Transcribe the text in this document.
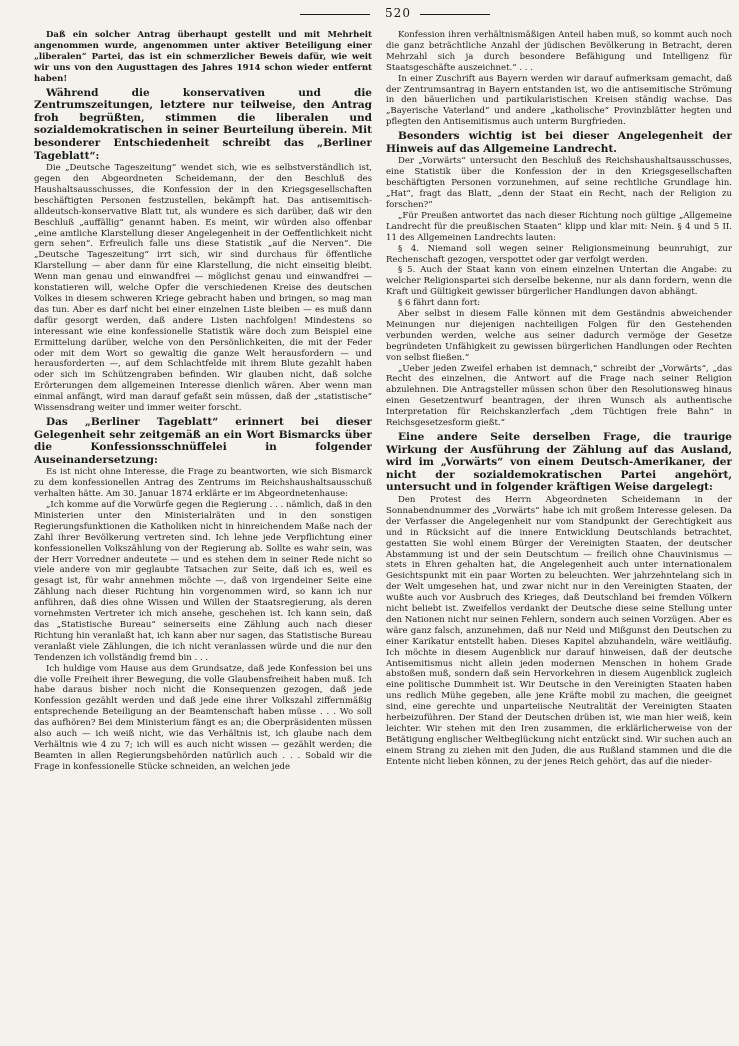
520

Daß ein solcher Antrag überhaupt gestellt und mit Mehrheit angenommen wurde, angenommen unter aktiver Beteiligung einer „liberalen“ Partei, das ist ein schmerzlicher Beweis dafür, wie weit wir uns von den Augusttagen des Jahres 1914 schon wieder entfernt haben!

Während die konservativen und die Zentrumszeitungen, letztere nur teilweise, den Antrag froh begrüßten, stimmen die liberalen und sozialdemokratischen in seiner Beurteilung überein. Mit besonderer Entschiedenheit schreibt das „Berliner Tageblatt“:

Die „Deutsche Tageszeitung“ wendet sich, wie es selbstverständlich ist, gegen den Abgeordneten Scheidemann, der den Beschluß des Haushaltsausschusses, die Konfession der in den Kriegsgesellschaften beschäftigten Personen festzustellen, bekämpft hat. Das antisemitisch-alldeutsch-konservative Blatt tut, als wundere es sich darüber, daß wir den Beschluß „auffällig“ genannt haben. Es meint, wir würden also offenbar „eine amtliche Klarstellung dieser Angelegenheit in der Oeffentlichkeit nicht gern sehen“. Erfreulich falle uns diese Statistik „auf die Nerven“. Die „Deutsche Tageszeitung“ irrt sich, wir sind durchaus für öffentliche Klarstellung — aber dann für eine Klarstellung, die nicht einseitig bleibt. Wenn man genau und einwandfrei — möglichst genau und einwandfrei — konstatieren will, welche Opfer die verschiedenen Kreise des deutschen Volkes in diesem schweren Kriege gebracht haben und bringen, so mag man das tun. Aber es darf nicht bei einer einzelnen Liste bleiben — es muß dann dafür gesorgt werden, daß andere Listen nachfolgen! Mindestens so interessant wie eine konfessionelle Statistik wäre doch zum Beispiel eine Ermittelung darüber, welche von den Persönlichkeiten, die mit der Feder oder mit dem Wort so gewaltig die ganze Welt herausfordern — und herausforderten —, auf dem Schlachtfelde mit ihrem Blute gezahlt haben oder sich im Schützengraben befinden. Wir glauben nicht, daß solche Erörterungen dem allgemeinen Interesse dienlich wären. Aber wenn man einmal anfängt, wird man darauf gefaßt sein müssen, daß der „statistische“ Wissensdrang weiter und immer weiter forscht.

Das „Berliner Tageblatt“ erinnert bei dieser Gelegenheit sehr zeitgemäß an ein Wort Bismarcks über die Konfessionsschnüffelei in folgender Auseinandersetzung:

Es ist nicht ohne Interesse, die Frage zu beantworten, wie sich Bismarck zu dem konfessionellen Antrag des Zentrums im Reichshaushaltsausschuß verhalten hätte. Am 30. Januar 1874 erklärte er im Abgeordnetenhause:

„Ich komme auf die Vorwürfe gegen die Regierung . . . nämlich, daß in den Ministerien unter den Ministerialräten und in den sonstigen Regierungsfunktionen die Katholiken nicht in hinreichendem Maße nach der Zahl ihrer Bevölkerung vertreten sind. Ich lehne jede Verpflichtung einer konfessionellen Volkszählung von der Regierung ab. Sollte es wahr sein, was der Herr Vorredner andeutete — und es stehen dem in seiner Rede nicht so viele andere von mir geglaubte Tatsachen zur Seite, daß ich es, weil es gesagt ist, für wahr annehmen möchte —, daß von irgendeiner Seite eine Zählung nach dieser Richtung hin vorgenommen wird, so kann ich nur anführen, daß dies ohne Wissen und Willen der Staatsregierung, als deren vornehmsten Vertreter ich mich ansehe, geschehen ist. Ich kann sein, daß das „Statistische Bureau“ seinerseits eine Zählung auch nach dieser Richtung hin veranlaßt hat, ich kann aber nur sagen, das Statistische Bureau veranlaßt viele Zählungen, die ich nicht veranlassen würde und die nur den Tendenzen ich vollständig fremd bin . . .

Ich huldige vom Hause aus dem Grundsatze, daß jede Konfession bei uns die volle Freiheit ihrer Bewegung, die volle Glaubensfreiheit haben muß. Ich habe daraus bisher noch nicht die Konsequenzen gezogen, daß jede Konfession gezählt werden und daß jede eine ihrer Volkszahl ziffernmäßig entsprechende Beteiligung an der Beamtenschaft haben müsse . . . Wo soll das aufhören? Bei dem Ministerium fängt es an; die Oberpräsidenten müssen also auch — ich weiß nicht, wie das Verhältnis ist, ich glaube nach dem Verhältnis wie 4 zu 7; ich will es auch nicht wissen — gezählt werden; die Beamten in allen Regierungsbehörden natürlich auch . . . Sobald wir die Frage in konfessionelle Stücke schneiden, an welchen jede

Konfession ihren verhältnismäßigen Anteil haben muß, so kommt auch noch die ganz beträchtliche Anzahl der jüdischen Bevölkerung in Betracht, deren Mehrzahl sich ja durch besondere Befähigung und Intelligenz für Staatsgeschäfte auszeichnet.“ . . .

In einer Zuschrift aus Bayern werden wir darauf aufmerksam gemacht, daß der Zentrumsantrag in Bayern entstanden ist, wo die antisemitische Strömung in den bäuerlichen und partikularistischen Kreisen ständig wachse. Das „Bayerische Vaterland“ und andere „katholische“ Provinzblätter hegten und pflegten den Antisemitismus auch unterm Burgfrieden.

Besonders wichtig ist bei dieser Angelegenheit der Hinweis auf das Allgemeine Landrecht.

Der „Vorwärts“ untersucht den Beschluß des Reichshaushaltsausschusses, eine Statistik über die Konfession der in den Kriegsgesellschaften beschäftigten Personen vorzunehmen, auf seine rechtliche Grundlage hin. „Hat“, fragt das Blatt, „denn der Staat ein Recht, nach der Religion zu forschen?“

„Für Preußen antwortet das nach dieser Richtung noch gültige „Allgemeine Landrecht für die preußischen Staaten“ klipp und klar mit: Nein. § 4 und 5 II. 11 des Allgemeinen Landrechts lauten:

§ 4. Niemand soll wegen seiner Religionsmeinung beunruhigt, zur Rechenschaft gezogen, verspottet oder gar verfolgt werden.

§ 5. Auch der Staat kann von einem einzelnen Untertan die Angabe: zu welcher Religionspartei sich derselbe bekenne, nur als dann fordern, wenn die Kraft und Gültigkeit gewisser bürgerlicher Handlungen davon abhängt.

§ 6 fährt dann fort:

Aber selbst in diesem Falle können mit dem Geständnis abweichender Meinungen nur diejenigen nachteiligen Folgen für den Gestehenden verbunden werden, welche aus seiner dadurch vermöge der Gesetze begründeten Unfähigkeit zu gewissen bürgerlichen Handlungen oder Rechten von selbst fließen.“

„Ueber jeden Zweifel erhaben ist demnach,“ schreibt der „Vorwärts“, „das Recht des einzelnen, die Antwort auf die Frage nach seiner Religion abzulehnen. Die Antragsteller müssen schon über den Resolutionsweg hinaus einen Gesetzentwurf beantragen, der ihren Wunsch als authentische Interpretation für Reichskanzlerfach „dem Tüchtigen freie Bahn“ in Reichsgesetzesform gießt.“

Eine andere Seite derselben Frage, die traurige Wirkung der Ausführung der Zählung auf das Ausland, wird im „Vorwärts“ von einem Deutsch-Amerikaner, der nicht der sozialdemokratischen Partei angehört, untersucht und in folgender kräftigen Weise dargelegt:

Den Protest des Herrn Abgeordneten Scheidemann in der Sonnabendnummer des „Vorwärts“ habe ich mit großem Interesse gelesen. Da der Verfasser die Angelegenheit nur vom Standpunkt der Gerechtigkeit aus und in Rücksicht auf die innere Entwicklung Deutschlands betrachtet, gestatten Sie wohl einem Bürger der Vereinigten Staaten, der deutscher Abstammung ist und der sein Deutschtum — freilich ohne Chauvinismus — stets in Ehren gehalten hat, die Angelegenheit auch unter internationalem Gesichtspunkt mit ein paar Worten zu beleuchten. Wer jahrzehntelang sich in der Welt umgesehen hat, und zwar nicht nur in den Vereinigten Staaten, der wußte auch vor Ausbruch des Krieges, daß Deutschland bei fremden Völkern nicht beliebt ist. Zweifellos verdankt der Deutsche diese seine Stellung unter den Nationen nicht nur seinen Fehlern, sondern auch seinen Vorzügen. Aber es wäre ganz falsch, anzunehmen, daß nur Neid und Mißgunst den Deutschen zu einer Karikatur entstellt haben. Dieses Kapitel abzuhandeln, wäre weitläufig. Ich möchte in diesem Augenblick nur darauf hinweisen, daß der deutsche Antisemitismus nicht allein jeden modernen Menschen in hohem Grade abstoßen muß, sondern daß sein Hervorkehren in diesem Augenblick zugleich eine politische Dummheit ist. Wir Deutsche in den Vereinigten Staaten haben uns redlich Mühe gegeben, alle jene Kräfte mobil zu machen, die geeignet sind, eine gerechte und unparteiische Neutralität der Vereinigten Staaten herbeizuführen. Der Stand der Deutschen drüben ist, wie man hier weiß, kein leichter. Wir stehen mit den Iren zusammen, die erklärlicherweise von der Betätigung englischer Weltbeglückung nicht entzückt sind. Wir suchen auch an einem Strang zu ziehen mit den Juden, die aus Rußland stammen und die die Entente nicht lieben können, zu der jenes Reich gehört, das auf die nieder-
